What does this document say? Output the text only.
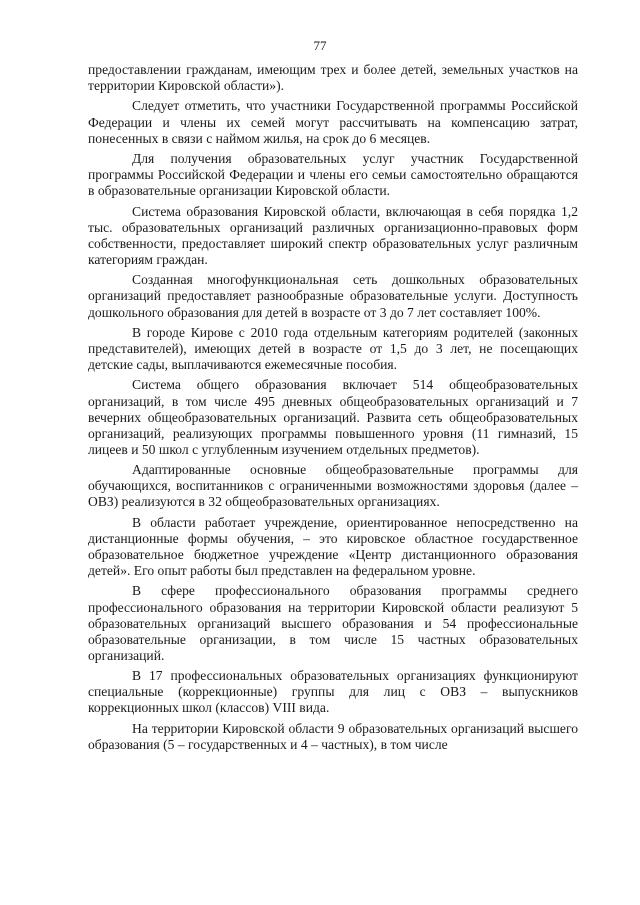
77

предоставлении гражданам, имеющим трех и более детей, земельных участков на территории Кировской области»).

Следует отметить, что участники Государственной программы Российской Федерации и члены их семей могут рассчитывать на компенсацию затрат, понесенных в связи с наймом жилья, на срок до 6 месяцев.

Для получения образовательных услуг участник Государственной программы Российской Федерации и члены его семьи самостоятельно обращаются в образовательные организации Кировской области.

Система образования Кировской области, включающая в себя порядка 1,2 тыс. образовательных организаций различных организационно-правовых форм собственности, предоставляет широкий спектр образовательных услуг различным категориям граждан.

Созданная многофункциональная сеть дошкольных образовательных организаций предоставляет разнообразные образовательные услуги. Доступность дошкольного образования для детей в возрасте от 3 до 7 лет составляет 100%.

В городе Кирове с 2010 года отдельным категориям родителей (законных представителей), имеющих детей в возрасте от 1,5 до 3 лет, не посещающих детские сады, выплачиваются ежемесячные пособия.

Система общего образования включает 514 общеобразовательных организаций, в том числе 495 дневных общеобразовательных организаций и 7 вечерних общеобразовательных организаций. Развита сеть общеобразовательных организаций, реализующих программы повышенного уровня (11 гимназий, 15 лицеев и 50 школ с углубленным изучением отдельных предметов).

Адаптированные основные общеобразовательные программы для обучающихся, воспитанников с ограниченными возможностями здоровья (далее – ОВЗ) реализуются в 32 общеобразовательных организациях.

В области работает учреждение, ориентированное непосредственно на дистанционные формы обучения, – это кировское областное государственное образовательное бюджетное учреждение «Центр дистанционного образования детей». Его опыт работы был представлен на федеральном уровне.

В сфере профессионального образования программы среднего профессионального образования на территории Кировской области реализуют 5 образовательных организаций высшего образования и 54 профессиональные образовательные организации, в том числе 15 частных образовательных организаций.

В 17 профессиональных образовательных организациях функционируют специальные (коррекционные) группы для лиц с ОВЗ – выпускников коррекционных школ (классов) VIII вида.

На территории Кировской области 9 образовательных организаций высшего образования (5 – государственных и 4 – частных), в том числе
